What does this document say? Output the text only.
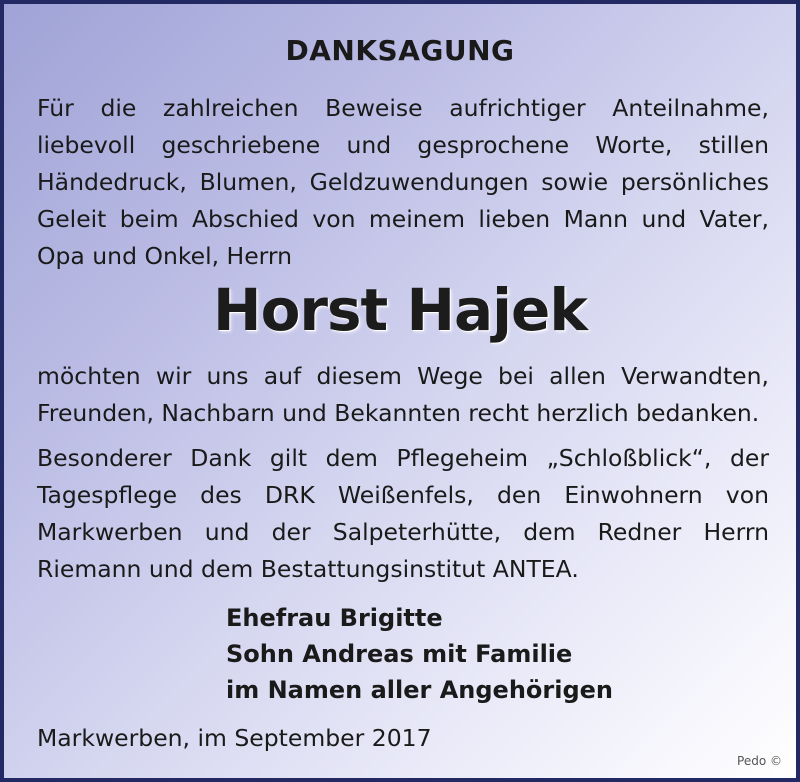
DANKSAGUNG

Für die zahlreichen Beweise aufrichtiger Anteilnahme, liebevoll geschriebene und gesprochene Worte, stillen Händedruck, Blumen, Geldzuwendungen sowie persönliches Geleit beim Abschied von meinem lieben Mann und Vater, Opa und Onkel, Herrn

Horst Hajek

möchten wir uns auf diesem Wege bei allen Verwandten, Freunden, Nachbarn und Bekannten recht herzlich bedanken.

Besonderer Dank gilt dem Pflegeheim „Schloßblick“, der Tagespflege des DRK Weißenfels, den Einwohnern von Markwerben und der Salpeterhütte, dem Redner Herrn Riemann und dem Bestattungsinstitut ANTEA.

Ehefrau Brigitte
Sohn Andreas mit Familie
im Namen aller Angehörigen
Markwerben, im September 2017
Pedo ©
